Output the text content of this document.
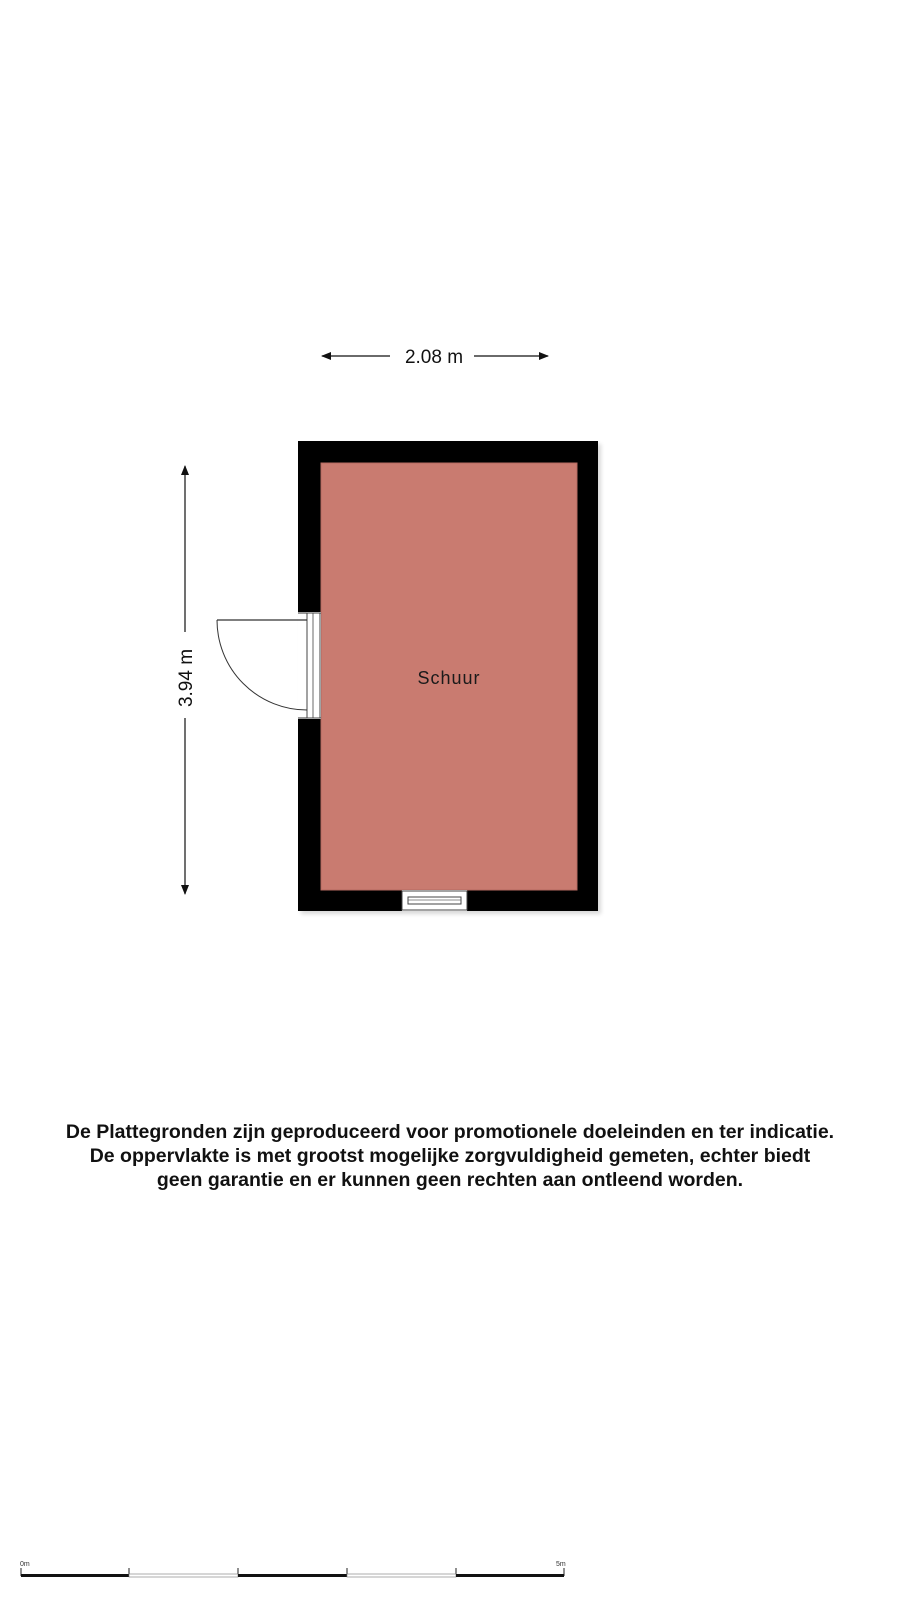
2.08 m
3.94 m	Schuur
0m	5m
De Plattegronden zijn geproduceerd voor promotionele doeleinden en ter indicatie.
De oppervlakte is met grootst mogelijke zorgvuldigheid gemeten, echter biedt
geen garantie en er kunnen geen rechten aan ontleend worden.
